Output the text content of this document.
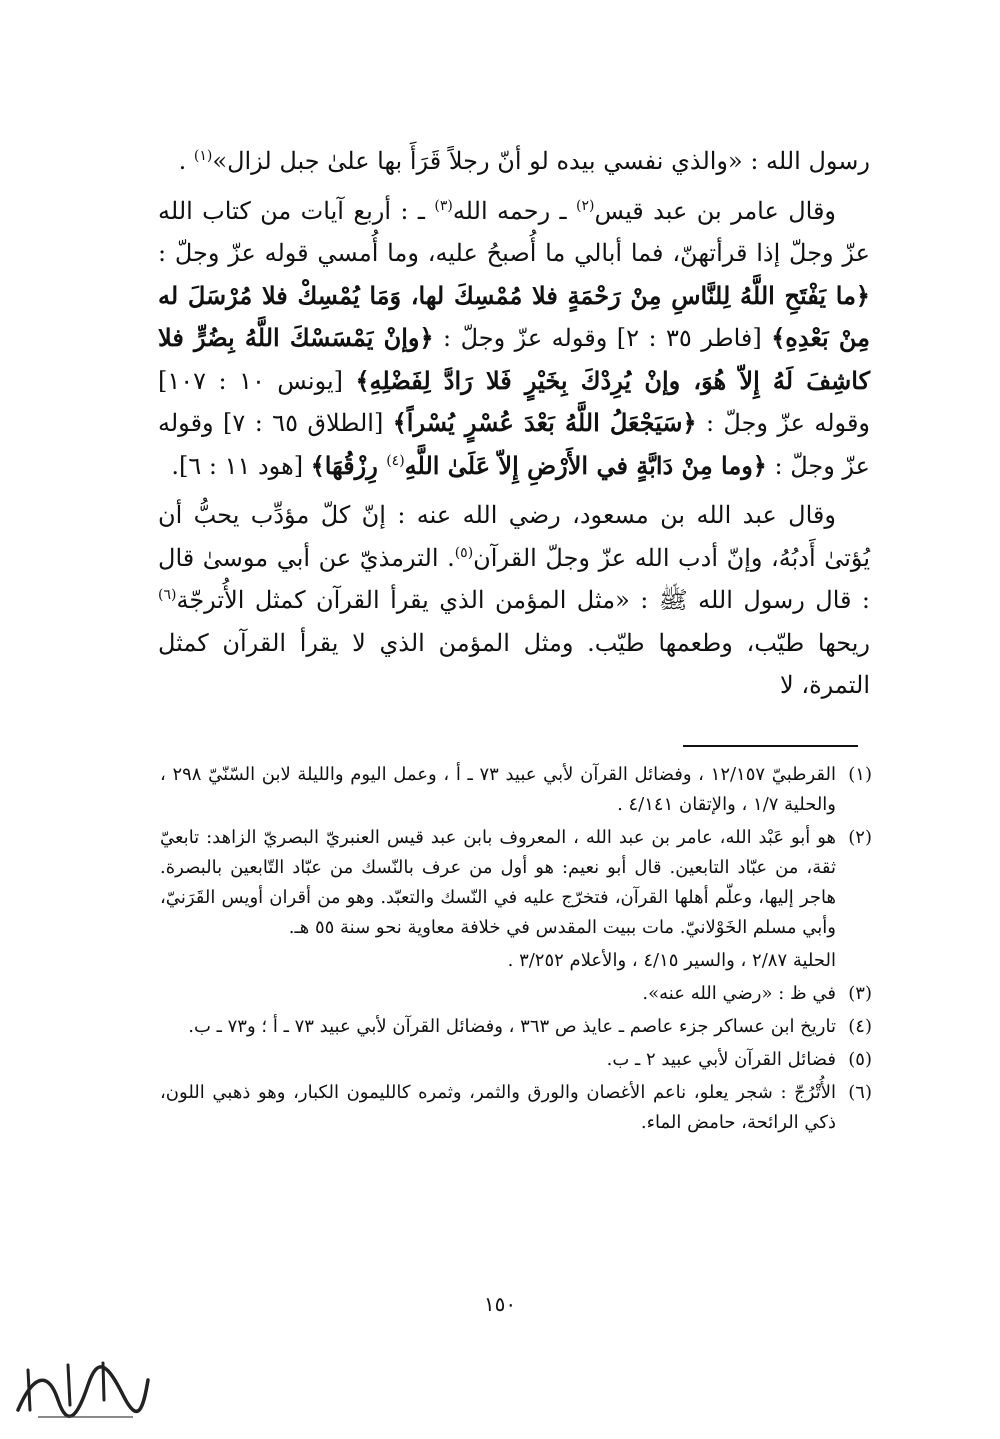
رسول الله : «والذي نفسي بيده لو أنّ رجلاً قَرَأَ بها علىٰ جبل لزال»$^{(١)}$ .

وقال عامر بن عبد قيس$^{(٢)}$ ـ رحمه الله$^{(٣)}$ ـ : أربع آيات من كتاب الله عزّ وجلّ إذا قرأتهنّ، فما أبالي ما أُصبحُ عليه، وما أُمسي قوله عزّ وجلّ : ﴿ما يَفْتَحِ اللَّهُ لِلنَّاسِ مِنْ رَحْمَةٍ فلا مُمْسِكَ لها، وَمَا يُمْسِكْ فلا مُرْسَلَ له مِنْ بَعْدِهِ﴾ [فاطر ٣٥ : ٢] وقوله عزّ وجلّ : ﴿وإنْ يَمْسَسْكَ اللَّهُ بِضُرٍّ فلا كاشِفَ لَهُ إِلاّ هُوَ، وإنْ يُرِدْكَ بِخَيْرٍ فَلا رَادَّ لِفَضْلِهِ﴾ [يونس ١٠ : ١٠٧] وقوله عزّ وجلّ : ﴿سَيَجْعَلُ اللَّهُ بَعْدَ عُسْرٍ يُسْراً﴾ [الطلاق ٦٥ : ٧] وقوله عزّ وجلّ : ﴿وما مِنْ دَابَّةٍ في الأَرْضِ إِلاّ عَلَىٰ اللَّهِ$^{(٤)}$ رِزْقُهَا﴾ [هود ١١ : ٦].

وقال عبد الله بن مسعود، رضي الله عنه : إنّ كلّ مؤدِّب يحبُّ أن يُؤتىٰ أَدبُهُ، وإنّ أدب الله عزّ وجلّ القرآن$^{(٥)}$. الترمذيّ عن أبي موسىٰ قال : قال رسول الله ﷺ : «مثل المؤمن الذي يقرأ القرآن كمثل الأُترجّة$^{(٦)}$ ريحها طيّب، وطعمها طيّب. ومثل المؤمن الذي لا يقرأ القرآن كمثل التمرة، لا

(١)
القرطبيّ ١٢/١٥٧ ، وفضائل القرآن لأبي عبيد ٧٣ ـ أ ، وعمل اليوم والليلة لابن السّنّيّ ٢٩٨ ، والحلية ١/٧ ، والإتقان ٤/١٤١ .
(٢)
هو أبو عَبْد الله، عامر بن عبد الله ، المعروف بابن عبد قيس العنبريّ البصريّ الزاهد: تابعيّ ثقة، من عبّاد التابعين. قال أبو نعيم: هو أول من عرف بالنّسك من عبّاد التّابعين بالبصرة. هاجر إليها، وعلّم أهلها القرآن، فتخرّج عليه في النّسك والتعبّد. وهو من أقران أويس القَرَنيّ، وأبي مسلم الخَوْلانيّ. مات ببيت المقدس في خلافة معاوية نحو سنة ٥٥ هـ.
الحلية ٢/٨٧ ، والسير ٤/١٥ ، والأعلام ٣/٢٥٢ .
(٣)
في ظ : «رضي الله عنه».
(٤)
تاريخ ابن عساكر جزء عاصم ـ عايذ ص ٣٦٣ ، وفضائل القرآن لأبي عبيد ٧٣ ـ أ ؛ و٧٣ ـ ب.
(٥)
فضائل القرآن لأبي عبيد ٢ ـ ب.
(٦)
الأُتْرُجّ : شجر يعلو، ناعم الأغصان والورق والثمر، وثمره كالليمون الكبار، وهو ذهبي اللون، ذكي الرائحة، حامض الماء.
١٥٠
